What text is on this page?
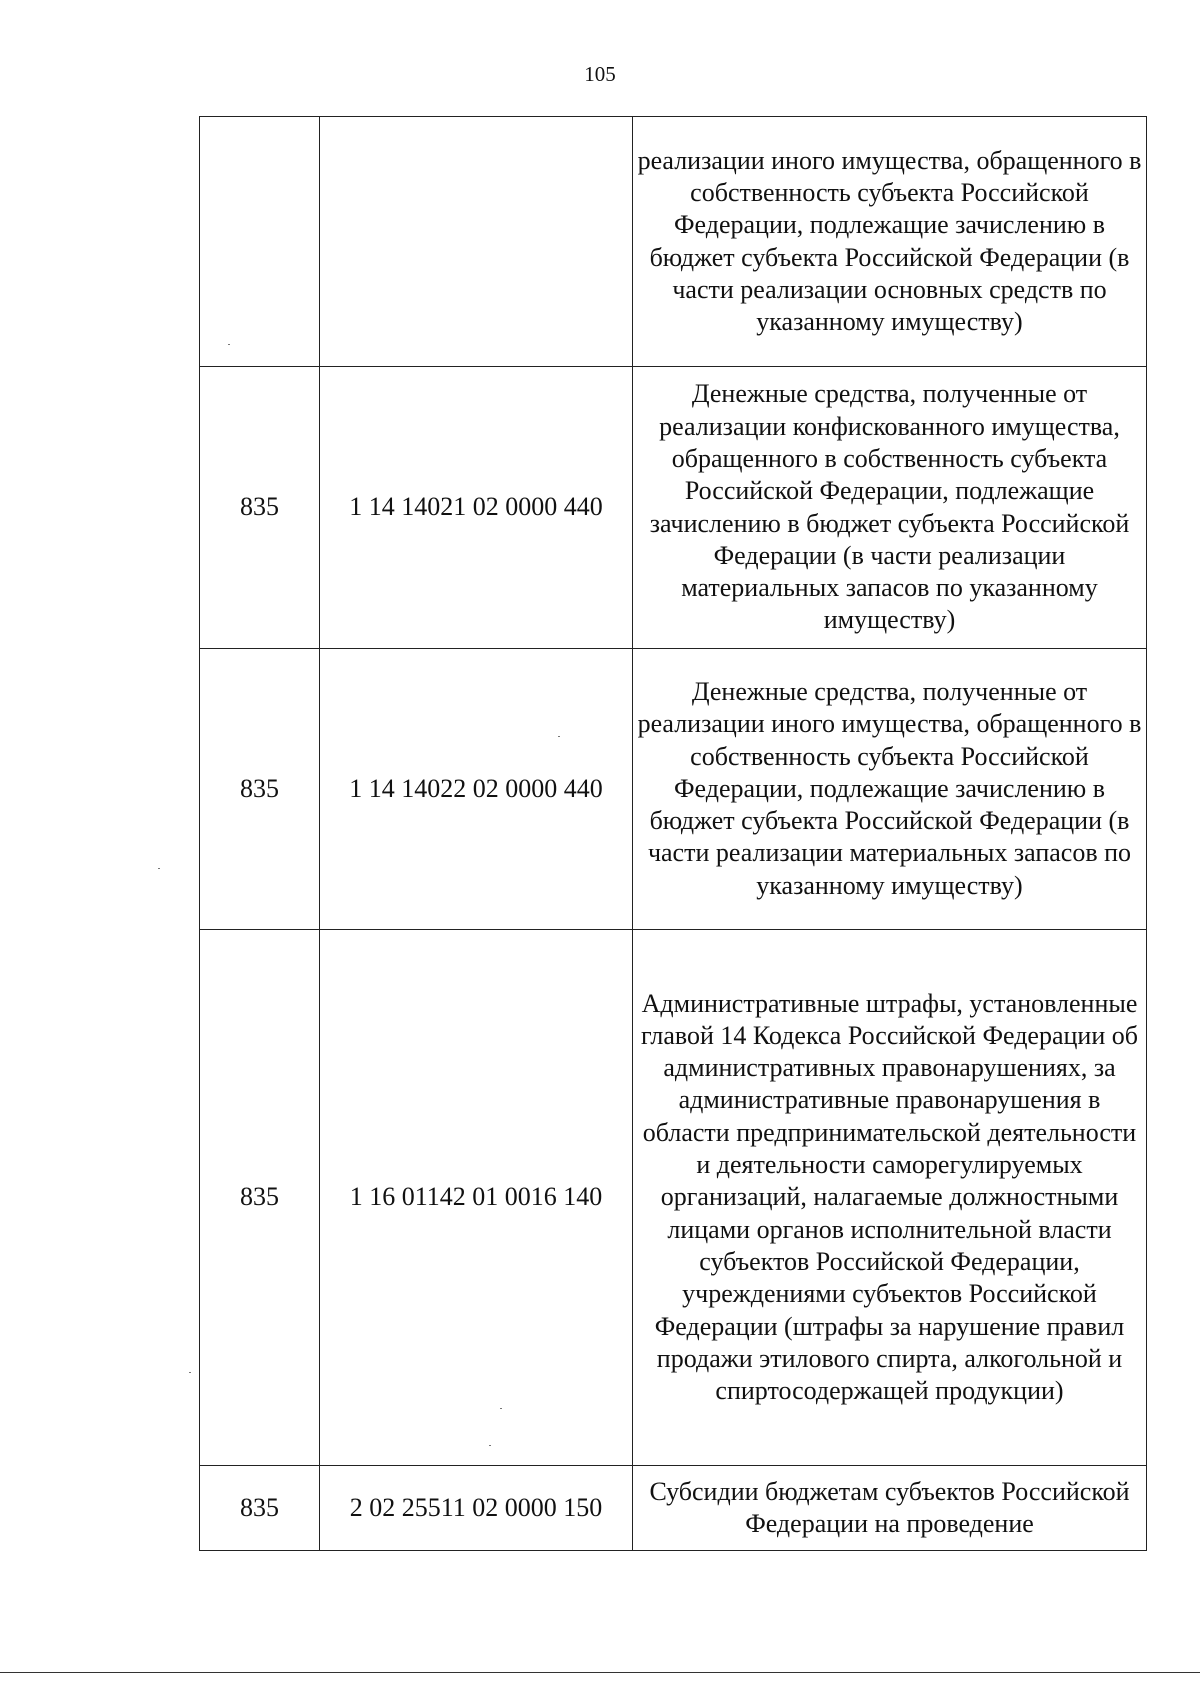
105
		реализации иного имущества, обращенного в собственность субъекта Российской Федерации, подлежащие зачислению в бюджет субъекта Российской Федерации (в части реализации основных средств по указанному имуществу)
835	1 14 14021 02 0000 440	Денежные средства, полученные от реализации конфискованного имущества, обращенного в собственность субъекта Российской Федерации, подлежащие зачислению в бюджет субъекта Российской Федерации (в части реализации материальных запасов по указанному имуществу)
835	1 14 14022 02 0000 440	Денежные средства, полученные от реализации иного имущества, обращенного в собственность субъекта Российской Федерации, подлежащие зачислению в бюджет субъекта Российской Федерации (в части реализации материальных запасов по указанному имуществу)
835	1 16 01142 01 0016 140	Административные штрафы, установленные главой 14 Кодекса Российской Федерации об административных правонарушениях, за административные правонарушения в области предпринимательской деятельности и деятельности саморегулируемых организаций, налагаемые должностными лицами органов исполнительной власти субъектов Российской Федерации, учреждениями субъектов Российской Федерации (штрафы за нарушение правил продажи этилового спирта, алкогольной и спиртосодержащей продукции)
835	2 02 25511 02 0000 150	Субсидии бюджетам субъектов Российской Федерации на проведение
